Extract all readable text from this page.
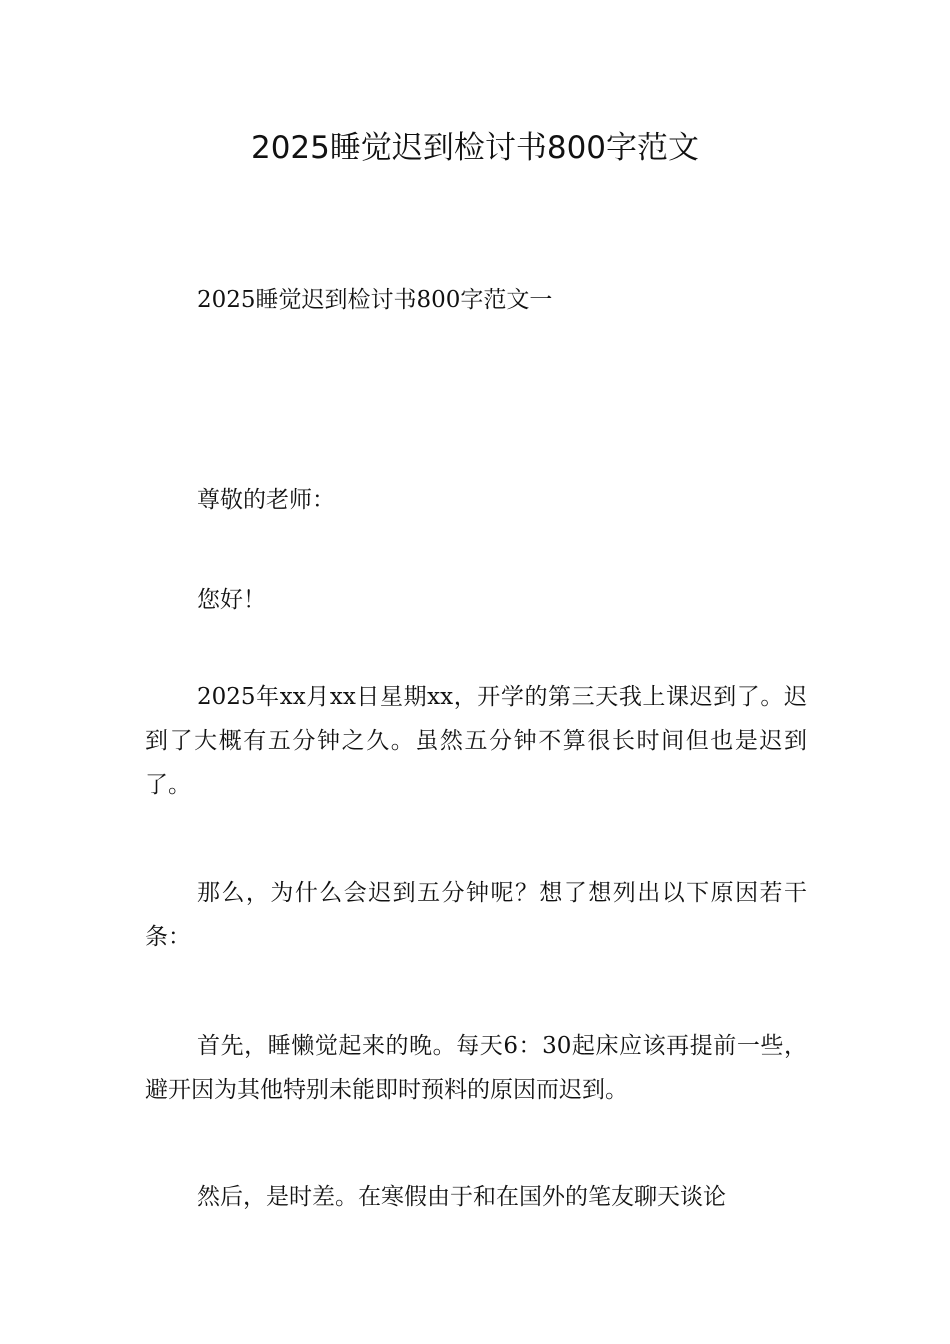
2025睡觉迟到检讨书800字范文

2025睡觉迟到检讨书800字范文一

尊敬的老师：

您好！

2025年xx月xx日星期xx，开学的第三天我上课迟到了。迟到了大概有五分钟之久。虽然五分钟不算很长时间但也是迟到了。

那么，为什么会迟到五分钟呢？想了想列出以下原因若干条：

首先，睡懒觉起来的晚。每天6：30起床应该再提前一些，避开因为其他特别未能即时预料的原因而迟到。

然后，是时差。在寒假由于和在国外的笔友聊天谈论
